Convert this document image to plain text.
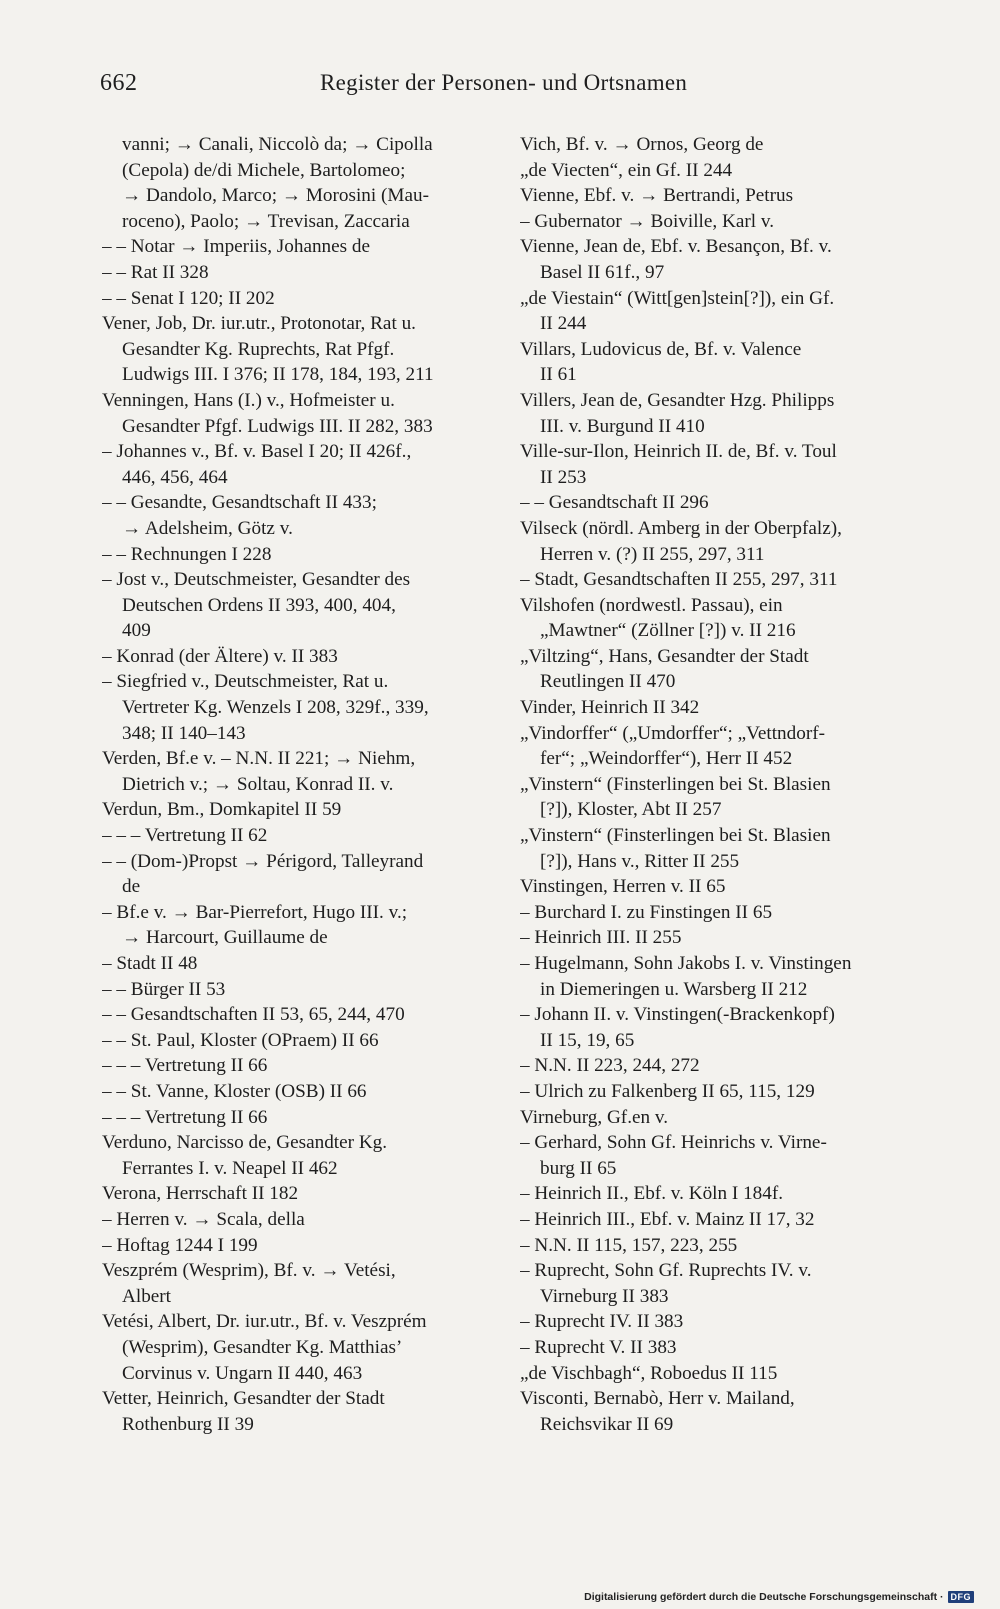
662	Register der Personen- und Ortsnamen
vanni; → Canali, Niccolò da; → Cipolla
(Cepola) de/di Michele, Bartolomeo;
→ Dandolo, Marco; → Morosini (Mau-
roceno), Paolo; → Trevisan, Zaccaria
– – Notar → Imperiis, Johannes de
– – Rat II 328
– – Senat I 120; II 202
Vener, Job, Dr. iur.utr., Protonotar, Rat u.
Gesandter Kg. Ruprechts, Rat Pfgf.
Ludwigs III. I 376; II 178, 184, 193, 211
Venningen, Hans (I.) v., Hofmeister u.
Gesandter Pfgf. Ludwigs III. II 282, 383
– Johannes v., Bf. v. Basel I 20; II 426f.,
446, 456, 464
– – Gesandte, Gesandtschaft II 433;
→ Adelsheim, Götz v.
– – Rechnungen I 228
– Jost v., Deutschmeister, Gesandter des
Deutschen Ordens II 393, 400, 404,
409
– Konrad (der Ältere) v. II 383
– Siegfried v., Deutschmeister, Rat u.
Vertreter Kg. Wenzels I 208, 329f., 339,
348; II 140–143
Verden, Bf.e v. – N.N. II 221; → Niehm,
Dietrich v.; → Soltau, Konrad II. v.
Verdun, Bm., Domkapitel II 59
– – – Vertretung II 62
– – (Dom-)Propst → Périgord, Talleyrand
de
– Bf.e v. → Bar-Pierrefort, Hugo III. v.;
→ Harcourt, Guillaume de
– Stadt II 48
– – Bürger II 53
– – Gesandtschaften II 53, 65, 244, 470
– – St. Paul, Kloster (OPraem) II 66
– – – Vertretung II 66
– – St. Vanne, Kloster (OSB) II 66
– – – Vertretung II 66
Verduno, Narcisso de, Gesandter Kg.
Ferrantes I. v. Neapel II 462
Verona, Herrschaft II 182
– Herren v. → Scala, della
– Hoftag 1244 I 199
Veszprém (Wesprim), Bf. v. → Vetési,
Albert
Vetési, Albert, Dr. iur.utr., Bf. v. Veszprém
(Wesprim), Gesandter Kg. Matthias’
Corvinus v. Ungarn II 440, 463
Vetter, Heinrich, Gesandter der Stadt
Rothenburg II 39
Vich, Bf. v. → Ornos, Georg de
„de Viecten“, ein Gf. II 244
Vienne, Ebf. v. → Bertrandi, Petrus
– Gubernator → Boiville, Karl v.
Vienne, Jean de, Ebf. v. Besançon, Bf. v.
Basel II 61f., 97
„de Viestain“ (Witt[gen]stein[?]), ein Gf.
II 244
Villars, Ludovicus de, Bf. v. Valence
II 61
Villers, Jean de, Gesandter Hzg. Philipps
III. v. Burgund II 410
Ville-sur-Ilon, Heinrich II. de, Bf. v. Toul
II 253
– – Gesandtschaft II 296
Vilseck (nördl. Amberg in der Oberpfalz),
Herren v. (?) II 255, 297, 311
– Stadt, Gesandtschaften II 255, 297, 311
Vilshofen (nordwestl. Passau), ein
„Mawtner“ (Zöllner [?]) v. II 216
„Viltzing“, Hans, Gesandter der Stadt
Reutlingen II 470
Vinder, Heinrich II 342
„Vindorffer“ („Umdorffer“; „Vettndorf-
fer“; „Weindorffer“), Herr II 452
„Vinstern“ (Finsterlingen bei St. Blasien
[?]), Kloster, Abt II 257
„Vinstern“ (Finsterlingen bei St. Blasien
[?]), Hans v., Ritter II 255
Vinstingen, Herren v. II 65
– Burchard I. zu Finstingen II 65
– Heinrich III. II 255
– Hugelmann, Sohn Jakobs I. v. Vinstingen
in Diemeringen u. Warsberg II 212
– Johann II. v. Vinstingen(-Brackenkopf)
II 15, 19, 65
– N.N. II 223, 244, 272
– Ulrich zu Falkenberg II 65, 115, 129
Virneburg, Gf.en v.
– Gerhard, Sohn Gf. Heinrichs v. Virne-
burg II 65
– Heinrich II., Ebf. v. Köln I 184f.
– Heinrich III., Ebf. v. Mainz II 17, 32
– N.N. II 115, 157, 223, 255
– Ruprecht, Sohn Gf. Ruprechts IV. v.
Virneburg II 383
– Ruprecht IV. II 383
– Ruprecht V. II 383
„de Vischbagh“, Roboedus II 115
Visconti, Bernabò, Herr v. Mailand,
Reichsvikar II 69
Digitalisierung gefördert durch die Deutsche Forschungsgemeinschaft · DFG
